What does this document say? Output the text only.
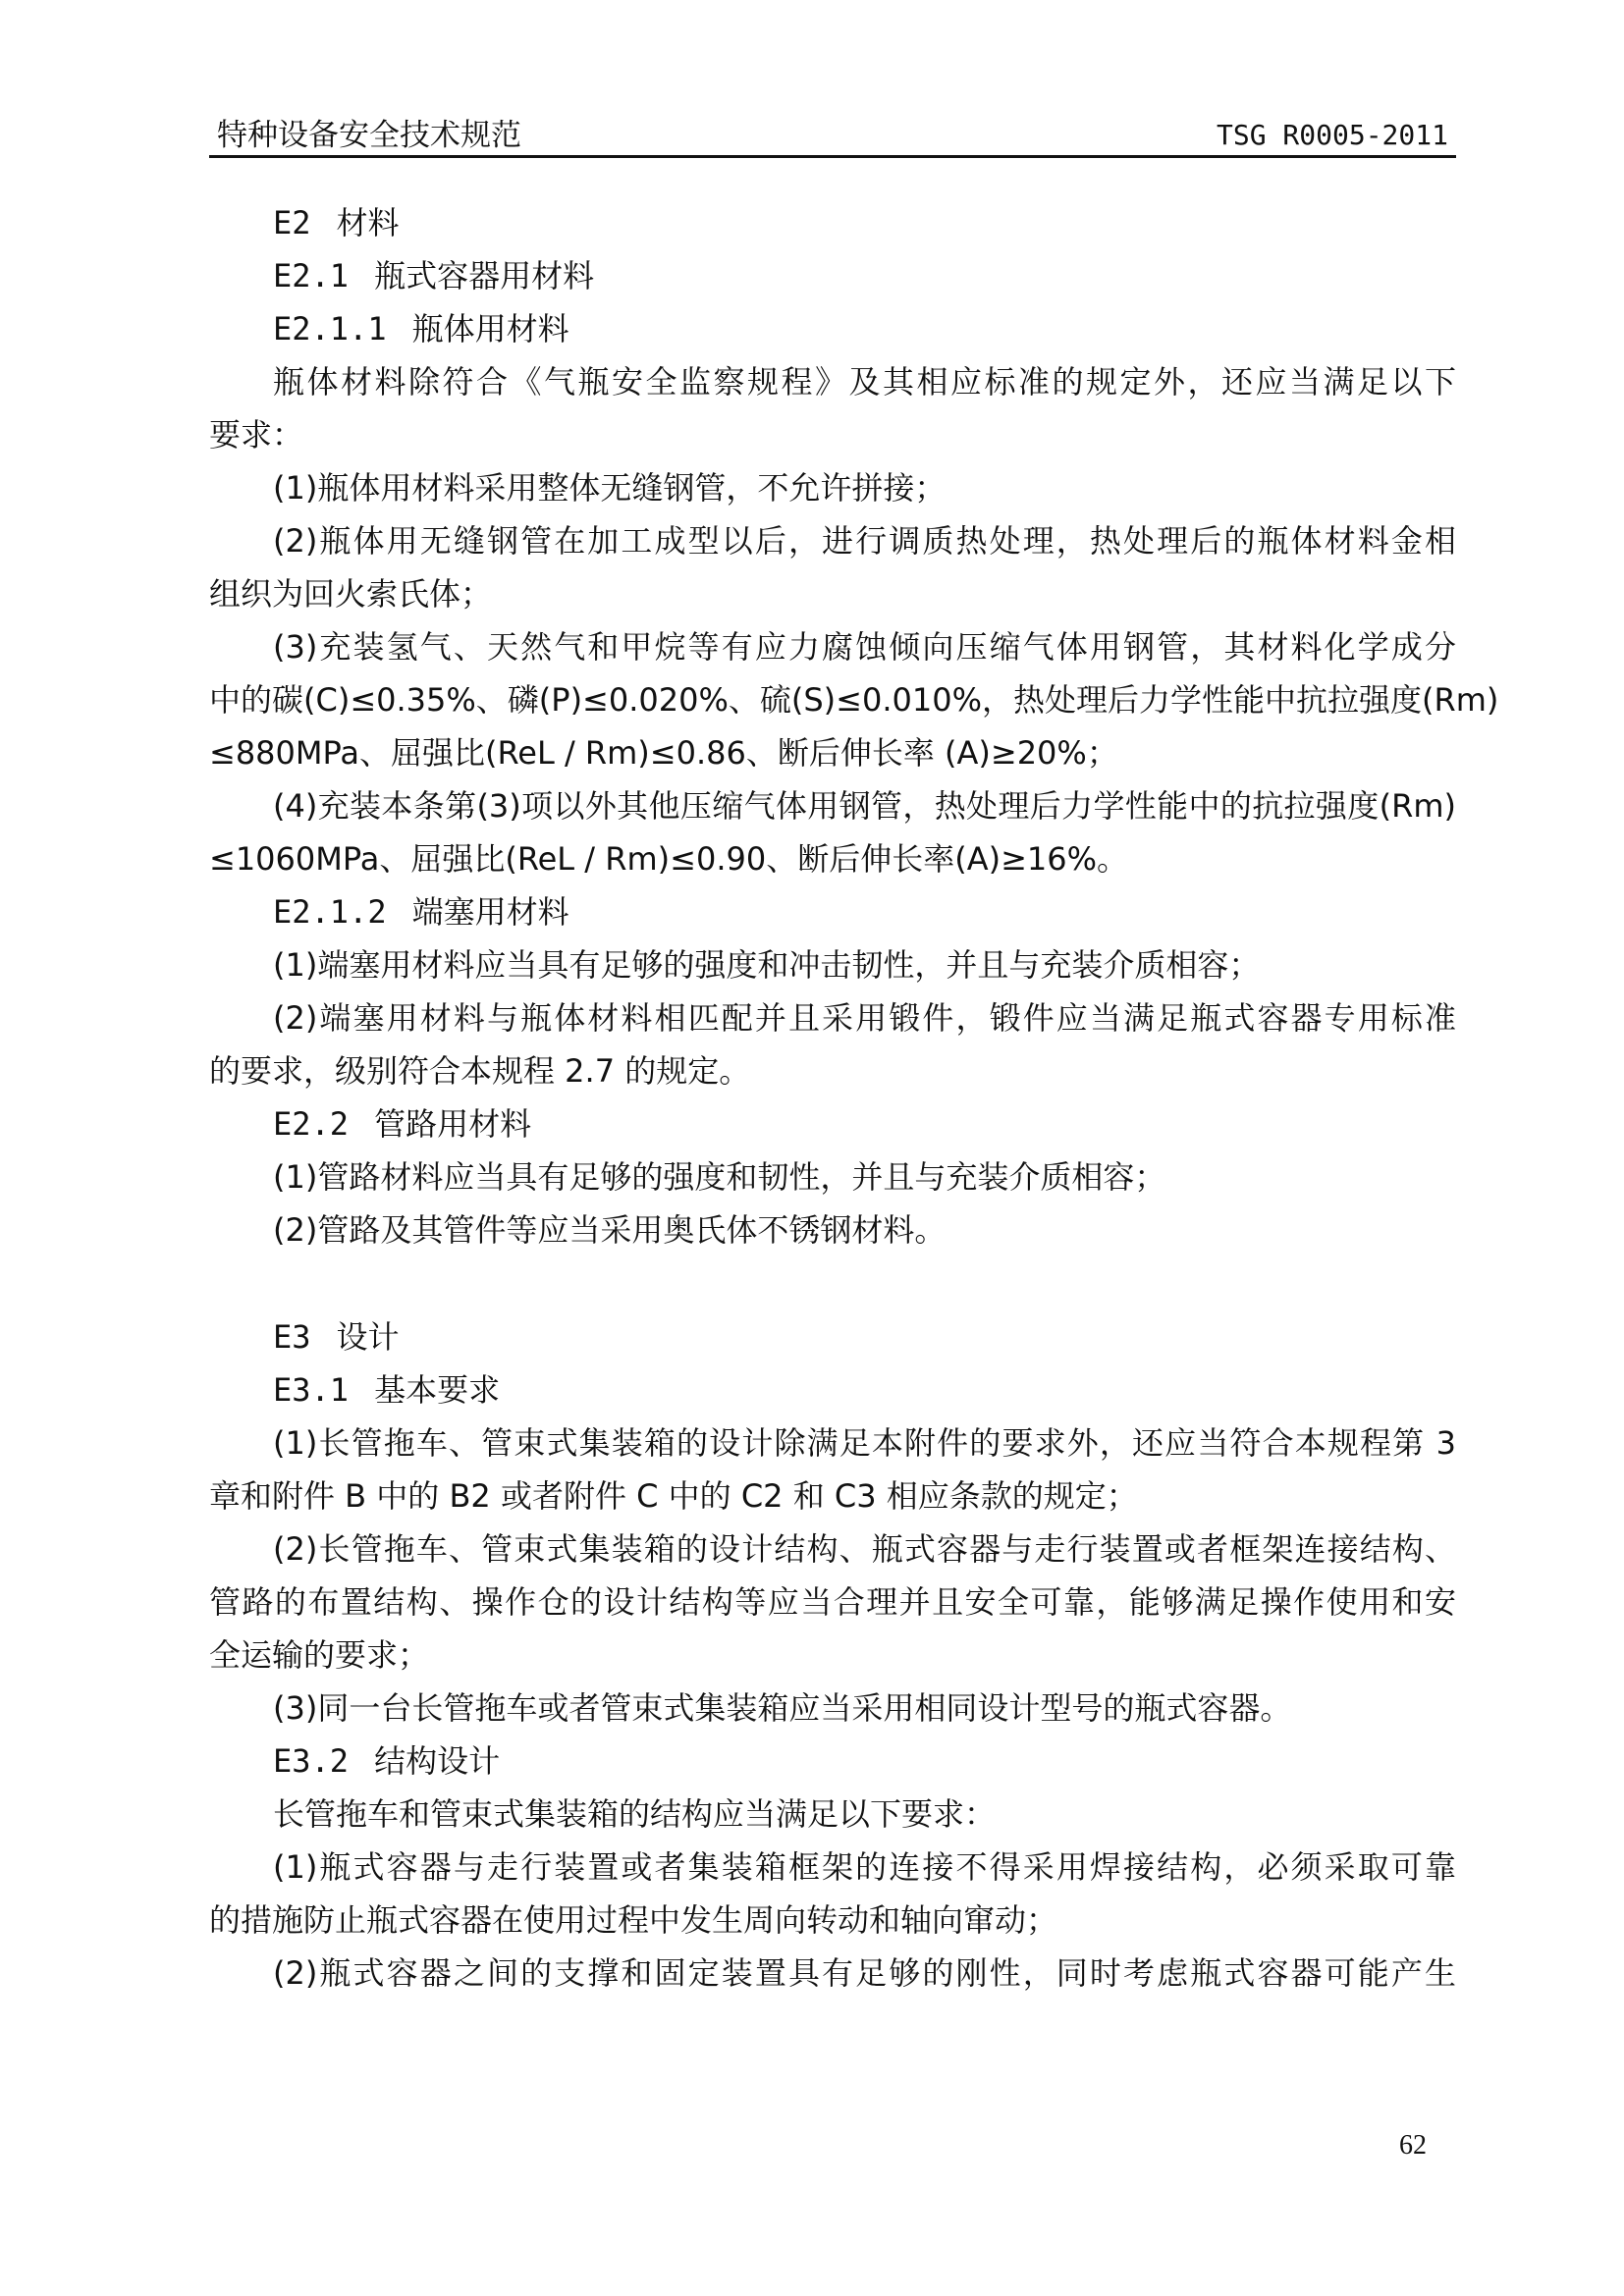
特种设备安全技术规范	TSG R0005-2011
E2 材料
E2.1 瓶式容器用材料
E2.1.1 瓶体用材料
瓶体材料除符合《气瓶安全监察规程》及其相应标准的规定外，还应当满足以下
要求：
(1)瓶体用材料采用整体无缝钢管，不允许拼接；
(2)瓶体用无缝钢管在加工成型以后，进行调质热处理，热处理后的瓶体材料金相
组织为回火索氏体；
(3)充装氢气、天然气和甲烷等有应力腐蚀倾向压缩气体用钢管，其材料化学成分
中的碳(C)≤0.35%、磷(P)≤0.020%、硫(S)≤0.010%，热处理后力学性能中抗拉强度(Rm)
≤880MPa、屈强比(ReL / Rm)≤0.86、断后伸长率 (A)≥20%；
(4)充装本条第(3)项以外其他压缩气体用钢管，热处理后力学性能中的抗拉强度(Rm)
≤1060MPa、屈强比(ReL / Rm)≤0.90、断后伸长率(A)≥16%。
E2.1.2 端塞用材料
(1)端塞用材料应当具有足够的强度和冲击韧性，并且与充装介质相容；
(2)端塞用材料与瓶体材料相匹配并且采用锻件，锻件应当满足瓶式容器专用标准
的要求，级别符合本规程 2.7 的规定。
E2.2 管路用材料
(1)管路材料应当具有足够的强度和韧性，并且与充装介质相容；
(2)管路及其管件等应当采用奥氏体不锈钢材料。
E3 设计
E3.1 基本要求
(1)长管拖车、管束式集装箱的设计除满足本附件的要求外，还应当符合本规程第 3
章和附件 B 中的 B2 或者附件 C 中的 C2 和 C3 相应条款的规定；
(2)长管拖车、管束式集装箱的设计结构、瓶式容器与走行装置或者框架连接结构、
管路的布置结构、操作仓的设计结构等应当合理并且安全可靠，能够满足操作使用和安
全运输的要求；
(3)同一台长管拖车或者管束式集装箱应当采用相同设计型号的瓶式容器。
E3.2 结构设计
长管拖车和管束式集装箱的结构应当满足以下要求：
(1)瓶式容器与走行装置或者集装箱框架的连接不得采用焊接结构，必须采取可靠
的措施防止瓶式容器在使用过程中发生周向转动和轴向窜动；
(2)瓶式容器之间的支撑和固定装置具有足够的刚性，同时考虑瓶式容器可能产生
62
